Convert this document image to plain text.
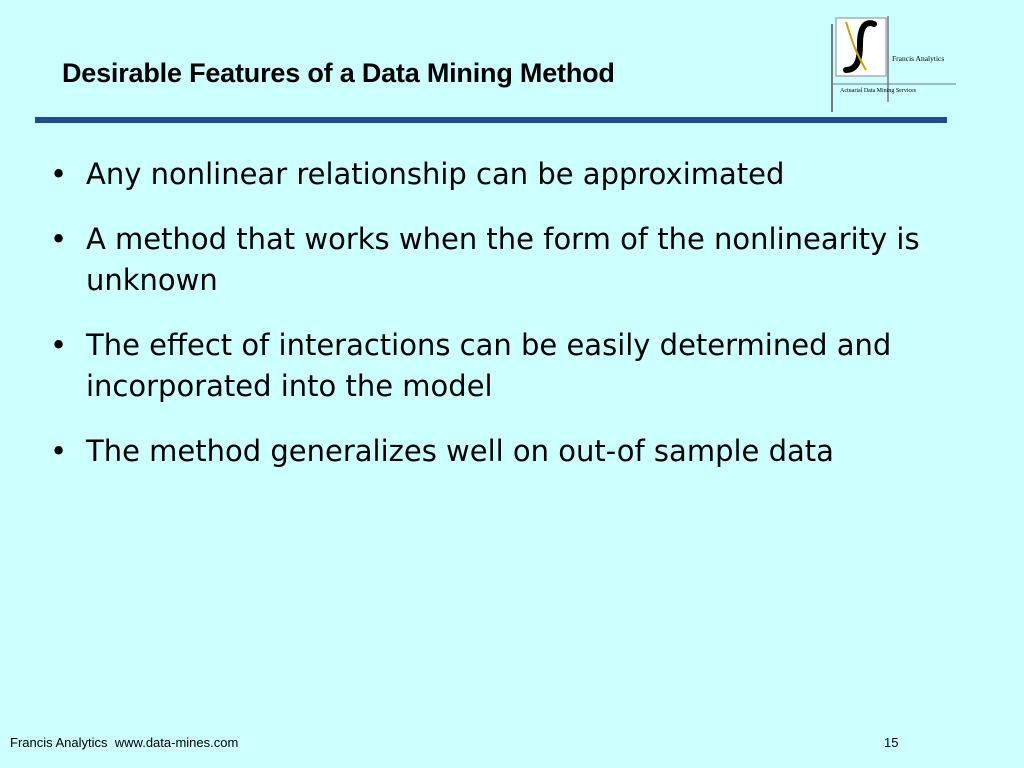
Desirable Features of a Data Mining Method	Francis Analytics
Actuarial Data Mining Services
• Any nonlinear relationship can be approximated
• A method that works when the form of the nonlinearity is unknown
• The effect of interactions can be easily determined and incorporated into the model
• The method generalizes well on out-of sample data
Francis Analytics  www.data-mines.com	15
